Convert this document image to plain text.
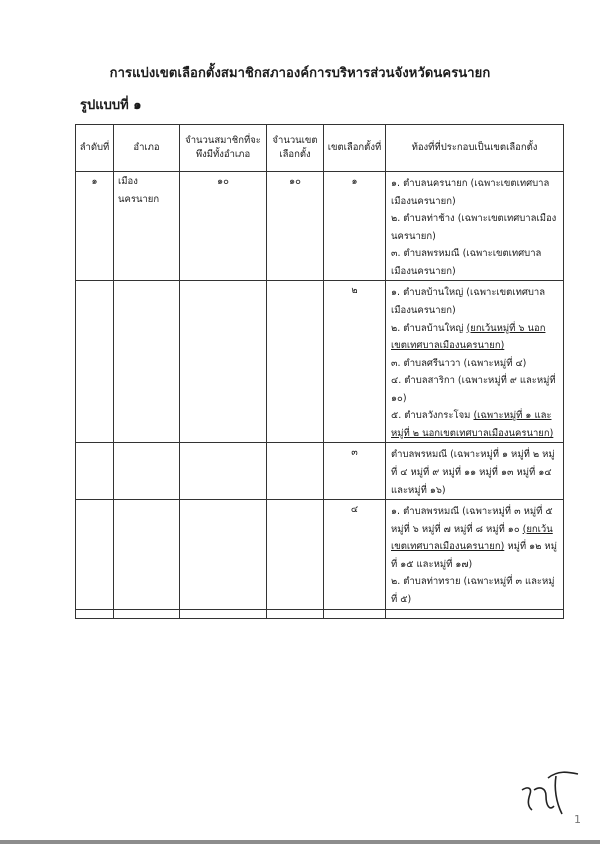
การแบ่งเขตเลือกตั้งสมาชิกสภาองค์การบริหารส่วนจังหวัดนครนายก
รูปแบบที่ ๑
ลำดับที่	อำเภอ	จำนวนสมาชิกที่จะพึงมีทั้งอำเภอ	จำนวนเขตเลือกตั้ง	เขตเลือกตั้งที่	ท้องที่ที่ประกอบเป็นเขตเลือกตั้ง
๑	เมืองนครนายก	๑๐	๑๐	๑	๑. ตำบลนครนายก (เฉพาะเขตเทศบาลเมืองนครนายก)
๒. ตำบลท่าช้าง (เฉพาะเขตเทศบาลเมืองนครนายก)
๓. ตำบลพรหมณี (เฉพาะเขตเทศบาลเมืองนครนายก)

				๒	๑. ตำบลบ้านใหญ่ (เฉพาะเขตเทศบาลเมืองนครนายก)
๒. ตำบลบ้านใหญ่ (ยกเว้นหมู่ที่ ๖ นอกเขตเทศบาลเมืองนครนายก)
๓. ตำบลศรีนาวา (เฉพาะหมู่ที่ ๔)
๔. ตำบลสาริกา (เฉพาะหมู่ที่ ๙ และหมู่ที่ ๑๐)
๕. ตำบลวังกระโจม (เฉพาะหมู่ที่ ๑ และหมู่ที่ ๒ นอกเขตเทศบาลเมืองนครนายก)

				๓	ตำบลพรหมณี (เฉพาะหมู่ที่ ๑ หมู่ที่ ๒ หมู่ที่ ๔ หมู่ที่ ๙ หมู่ที่ ๑๑ หมู่ที่ ๑๓ หมู่ที่ ๑๔ และหมู่ที่ ๑๖)

				๔	๑. ตำบลพรหมณี (เฉพาะหมู่ที่ ๓ หมู่ที่ ๕ หมู่ที่ ๖ หมู่ที่ ๗ หมู่ที่ ๘ หมู่ที่ ๑๐ (ยกเว้นเขตเทศบาลเมืองนครนายก) หมู่ที่ ๑๒ หมู่ที่ ๑๕ และหมู่ที่ ๑๗)
๒. ตำบลท่าทราย (เฉพาะหมู่ที่ ๓ และหมู่ที่ ๕)

1
